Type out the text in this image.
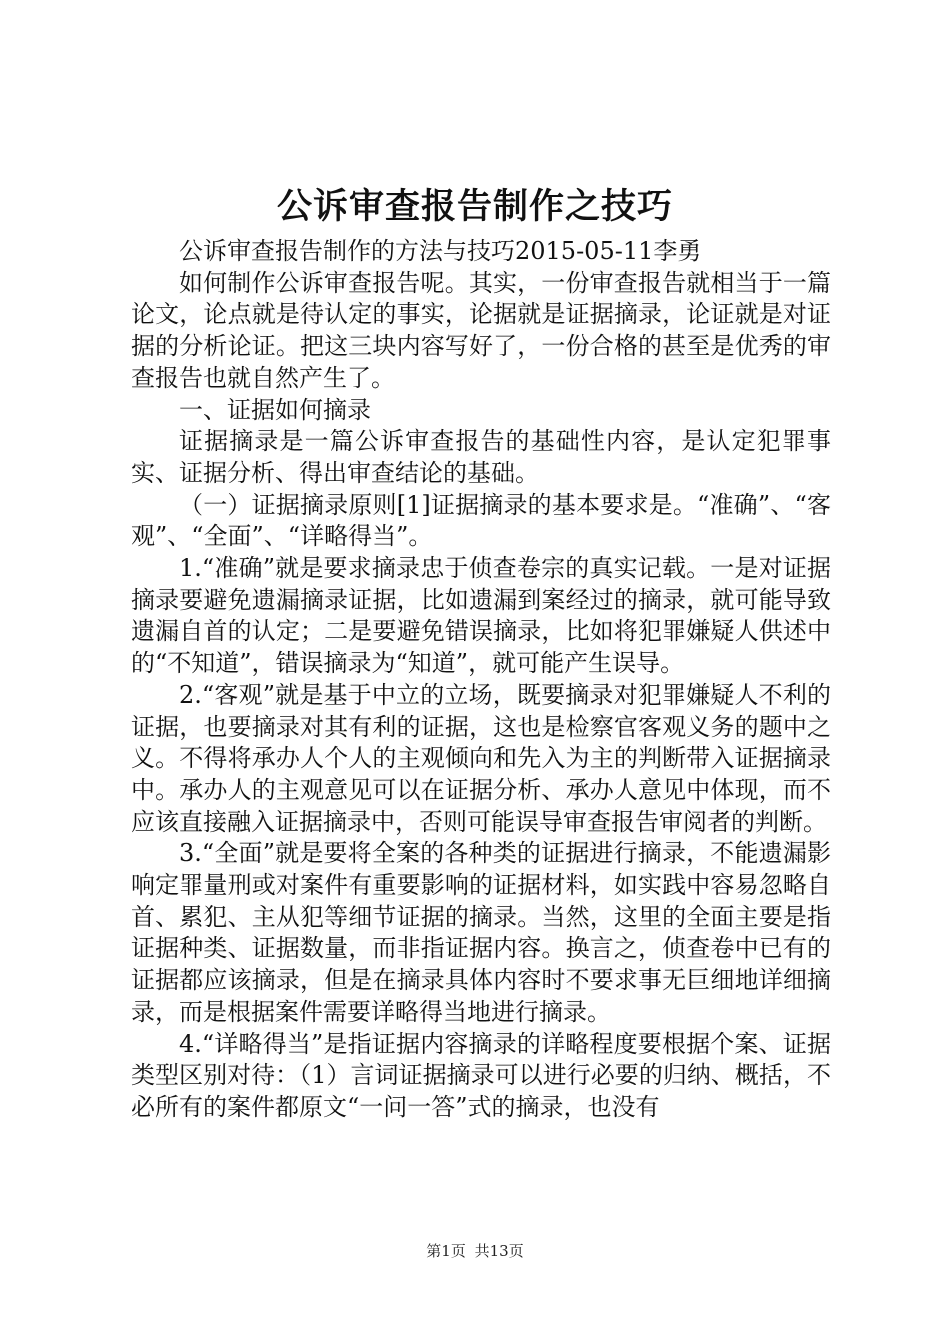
公诉审查报告制作之技巧

公诉审查报告制作的方法与技巧2015-05-11李勇

如何制作公诉审查报告呢。其实，一份审查报告就相当于一篇论文，论点就是待认定的事实，论据就是证据摘录，论证就是对证据的分析论证。把这三块内容写好了，一份合格的甚至是优秀的审查报告也就自然产生了。

一、证据如何摘录

证据摘录是一篇公诉审查报告的基础性内容，是认定犯罪事实、证据分析、得出审查结论的基础。

（一）证据摘录原则[1]证据摘录的基本要求是。“准确”、“客观”、“全面”、“详略得当”。

1.“准确”就是要求摘录忠于侦查卷宗的真实记载。一是对证据摘录要避免遗漏摘录证据，比如遗漏到案经过的摘录，就可能导致遗漏自首的认定；二是要避免错误摘录，比如将犯罪嫌疑人供述中的“不知道”，错误摘录为“知道”，就可能产生误导。

2.“客观”就是基于中立的立场，既要摘录对犯罪嫌疑人不利的证据，也要摘录对其有利的证据，这也是检察官客观义务的题中之义。不得将承办人个人的主观倾向和先入为主的判断带入证据摘录中。承办人的主观意见可以在证据分析、承办人意见中体现，而不应该直接融入证据摘录中，否则可能误导审查报告审阅者的判断。

3.“全面”就是要将全案的各种类的证据进行摘录，不能遗漏影响定罪量刑或对案件有重要影响的证据材料，如实践中容易忽略自首、累犯、主从犯等细节证据的摘录。当然，这里的全面主要是指证据种类、证据数量，而非指证据内容。换言之，侦查卷中已有的证据都应该摘录，但是在摘录具体内容时不要求事无巨细地详细摘录，而是根据案件需要详略得当地进行摘录。

4.“详略得当”是指证据内容摘录的详略程度要根据个案、证据类型区别对待：（1）言词证据摘录可以进行必要的归纳、概括，不必所有的案件都原文“一问一答”式的摘录，也没有

第1页 共13页
